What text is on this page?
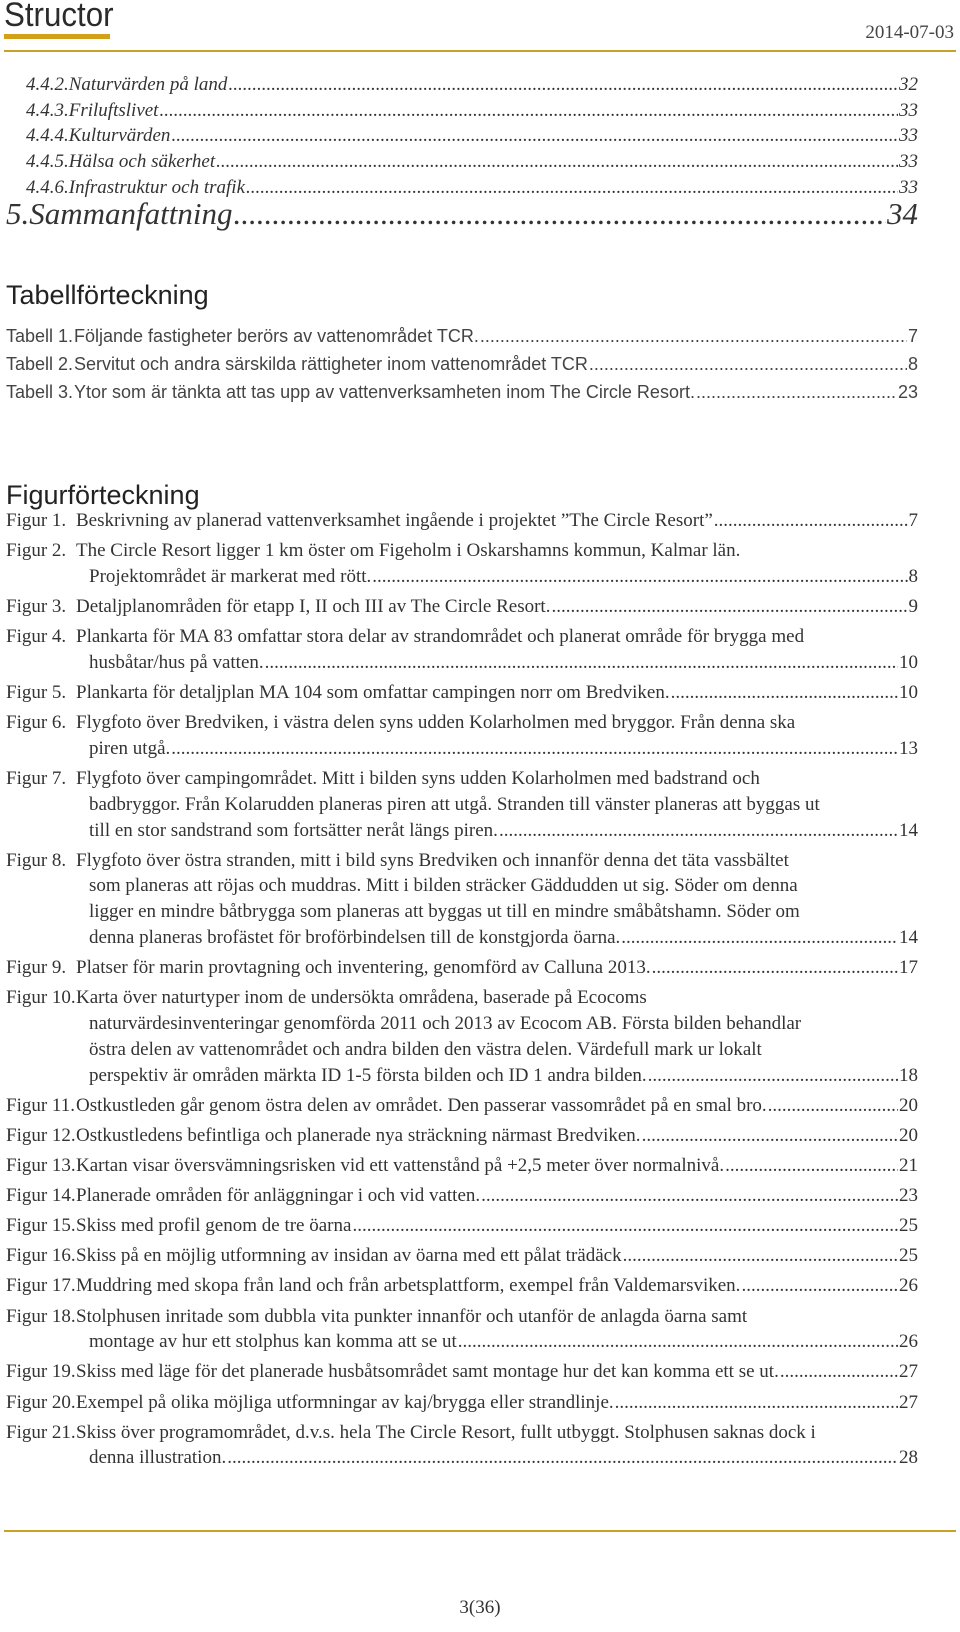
Structor	2014-07-03
4.4.2. Naturvärden på land .....	32
4.4.3. Friluftslivet .....	33
4.4.4. Kulturvärden .....	33
4.4.5. Hälsa och säkerhet .....	33
4.4.6. Infrastruktur och trafik .....	33
5. Sammanfattning .....	34
Tabell 1. Följande fastigheter berörs av vattenområdet TCR. .....	7
Tabell 2. Servitut och andra särskilda rättigheter inom vattenområdet TCR .....	8
Tabell 3. Ytor som är tänkta att tas upp av vattenverksamheten inom The Circle Resort. .....	23
Figur 1. Beskrivning av planerad vattenverksamhet ingående i projektet ”The Circle Resort” .....	7
Figur 2. The Circle Resort ligger 1 km öster om Figeholm i Oskarshamns kommun, Kalmar län.
Projektområdet är markerat med rött. .....	8
Figur 3. Detaljplanområden för etapp I, II och III av The Circle Resort. .....	9
Figur 4. Plankarta för MA 83 omfattar stora delar av strandområdet och planerat område för brygga med
husbåtar/hus på vatten. .....	10
Figur 5. Plankarta för detaljplan MA 104 som omfattar campingen norr om Bredviken. .....	10
Figur 6. Flygfoto över Bredviken, i västra delen syns udden Kolarholmen med bryggor. Från denna ska
piren utgå. .....	13
Figur 7. Flygfoto över campingområdet. Mitt i bilden syns udden Kolarholmen med badstrand och
badbryggor. Från Kolarudden planeras piren att utgå. Stranden till vänster planeras att byggas ut
till en stor sandstrand som fortsätter neråt längs piren. .....	14
Figur 8. Flygfoto över östra stranden, mitt i bild syns Bredviken och innanför denna det täta vassbältet
som planeras att röjas och muddras. Mitt i bilden sträcker Gäddudden ut sig. Söder om denna
ligger en mindre båtbrygga som planeras att byggas ut till en mindre småbåtshamn. Söder om
denna planeras brofästet för broförbindelsen till de konstgjorda öarna. .....	14
Figur 9. Platser för marin provtagning och inventering, genomförd av Calluna 2013. .....	17
Figur 10. Karta över naturtyper inom de undersökta områdena, baserade på Ecocoms
naturvärdesinventeringar genomförda 2011 och 2013 av Ecocom AB. Första bilden behandlar
östra delen av vattenområdet och andra bilden den västra delen. Värdefull mark ur lokalt
perspektiv är områden märkta ID 1-5 första bilden och ID 1 andra bilden. .....	18
Figur 11. Ostkustleden går genom östra delen av området. Den passerar vassområdet på en smal bro. .....	20
Figur 12. Ostkustledens befintliga och planerade nya sträckning närmast Bredviken. .....	20
Figur 13. Kartan visar översvämningsrisken vid ett vattenstånd på +2,5 meter över normalnivå. .....	21
Figur 14. Planerade områden för anläggningar i och vid vatten. .....	23
Figur 15. Skiss med profil genom de tre öarna .....	25
Figur 16. Skiss på en möjlig utformning av insidan av öarna med ett pålat trädäck .....	25
Figur 17. Muddring med skopa från land och från arbetsplattform, exempel från Valdemarsviken. .....	26
Figur 18. Stolphusen inritade som dubbla vita punkter innanför och utanför de anlagda öarna samt
montage av hur ett stolphus kan komma att se ut .....	26
Figur 19. Skiss med läge för det planerade husbåtsområdet samt montage hur det kan komma ett se ut. .....	27
Figur 20. Exempel på olika möjliga utformningar av kaj/brygga eller strandlinje. .....	27
Figur 21. Skiss över programområdet, d.v.s. hela The Circle Resort, fullt utbyggt. Stolphusen saknas dock i
denna illustration. .....	28
3(36)
Tabellförteckning
Figurförteckning
